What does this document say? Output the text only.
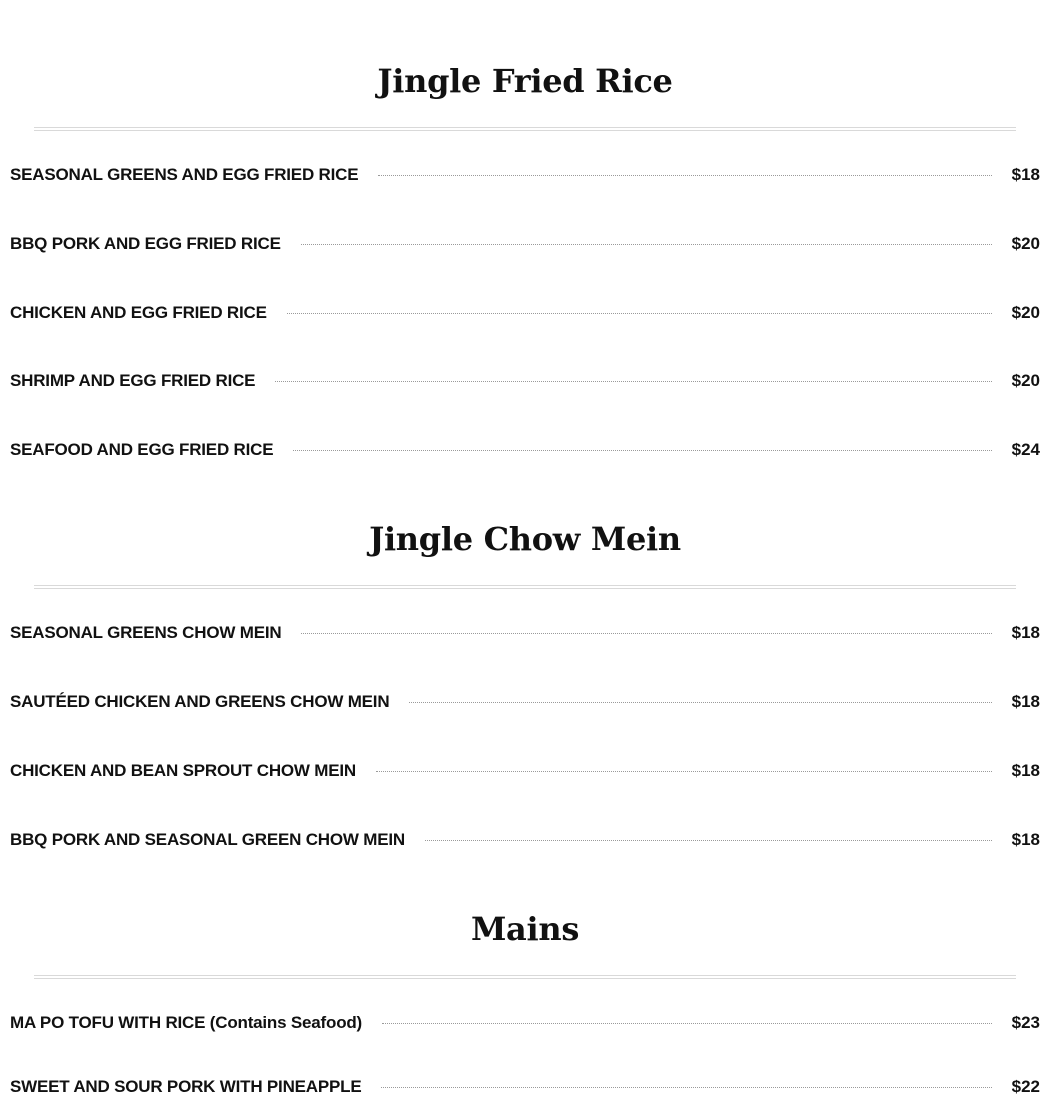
Jingle Fried Rice
SEASONAL GREENS AND EGG FRIED RICE	$18
BBQ PORK AND EGG FRIED RICE	$20
CHICKEN AND EGG FRIED RICE	$20
SHRIMP AND EGG FRIED RICE	$20
SEAFOOD AND EGG FRIED RICE	$24
Jingle Chow Mein
SEASONAL GREENS CHOW MEIN	$18
SAUTÉED CHICKEN AND GREENS CHOW MEIN	$18
CHICKEN AND BEAN SPROUT CHOW MEIN	$18
BBQ PORK AND SEASONAL GREEN CHOW MEIN	$18
Mains
MA PO TOFU WITH RICE (Contains Seafood)	$23
SWEET AND SOUR PORK WITH PINEAPPLE	$22
